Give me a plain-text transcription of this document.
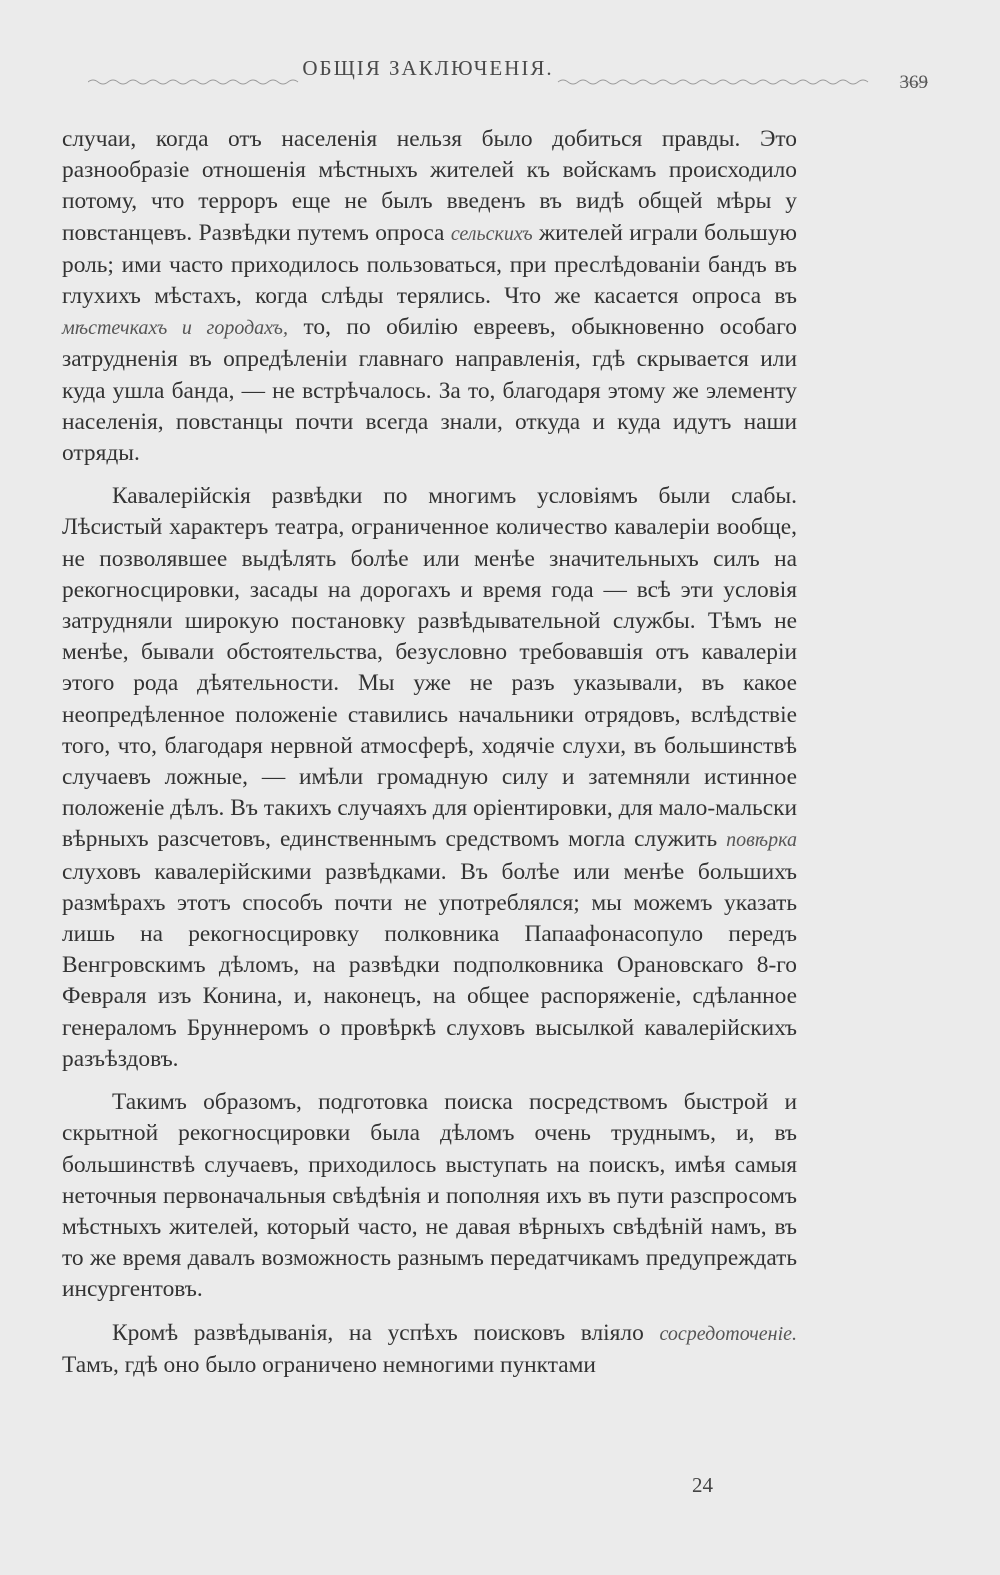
ОБЩІЯ ЗАКЛЮЧЕНІЯ.
369

случаи, когда отъ населенія нельзя было добиться правды. Это разнообразіе отношенія мѣстныхъ жителей къ войскамъ происходило потому, что терроръ еще не былъ введенъ въ видѣ общей мѣры у повстанцевъ. Развѣдки путемъ опроса сельскихъ жителей играли большую роль; ими часто приходилось пользоваться, при преслѣдованіи бандъ въ глухихъ мѣстахъ, когда слѣды терялись. Что же касается опроса въ мѣстечкахъ и городахъ, то, по обилію евреевъ, обыкновенно особаго затрудненія въ опредѣленіи главнаго направленія, гдѣ скрывается или куда ушла банда, — не встрѣчалось. За то, благодаря этому же элементу населенія, повстанцы почти всегда знали, откуда и куда идутъ наши отряды.

Кавалерійскія развѣдки по многимъ условіямъ были слабы. Лѣсистый характеръ театра, ограниченное количество кавалеріи вообще, не позволявшее выдѣлять болѣе или менѣе значительныхъ силъ на рекогносцировки, засады на дорогахъ и время года — всѣ эти условія затрудняли широкую постановку развѣдывательной службы. Тѣмъ не менѣе, бывали обстоятельства, безусловно требовавшія отъ кавалеріи этого рода дѣятельности. Мы уже не разъ указывали, въ какое неопредѣленное положеніе ставились начальники отрядовъ, вслѣдствіе того, что, благодаря нервной атмосферѣ, ходячіе слухи, въ большинствѣ случаевъ ложные, — имѣли громадную силу и затемняли истинное положеніе дѣлъ. Въ такихъ случаяхъ для оріентировки, для мало-мальски вѣрныхъ разсчетовъ, единственнымъ средствомъ могла служить повѣрка слуховъ кавалерійскими развѣдками. Въ болѣе или менѣе большихъ размѣрахъ этотъ способъ почти не употреблялся; мы можемъ указать лишь на рекогносцировку полковника Папаафонасопуло передъ Венгровскимъ дѣломъ, на развѣдки подполковника Орановскаго 8-го Февраля изъ Конина, и, наконецъ, на общее распоряженіе, сдѣланное генераломъ Бруннеромъ о провѣркѣ слуховъ высылкой кавалерійскихъ разъѣздовъ.

Такимъ образомъ, подготовка поиска посредствомъ быстрой и скрытной рекогносцировки была дѣломъ очень труднымъ, и, въ большинствѣ случаевъ, приходилось выступать на поискъ, имѣя самыя неточныя первоначальныя свѣдѣнія и пополняя ихъ въ пути разспросомъ мѣстныхъ жителей, который часто, не давая вѣрныхъ свѣдѣній намъ, въ то же время давалъ возможность разнымъ передатчикамъ предупреждать инсургентовъ.

Кромѣ развѣдыванія, на успѣхъ поисковъ вліяло сосредоточеніе. Тамъ, гдѣ оно было ограничено немногими пунктами

24
